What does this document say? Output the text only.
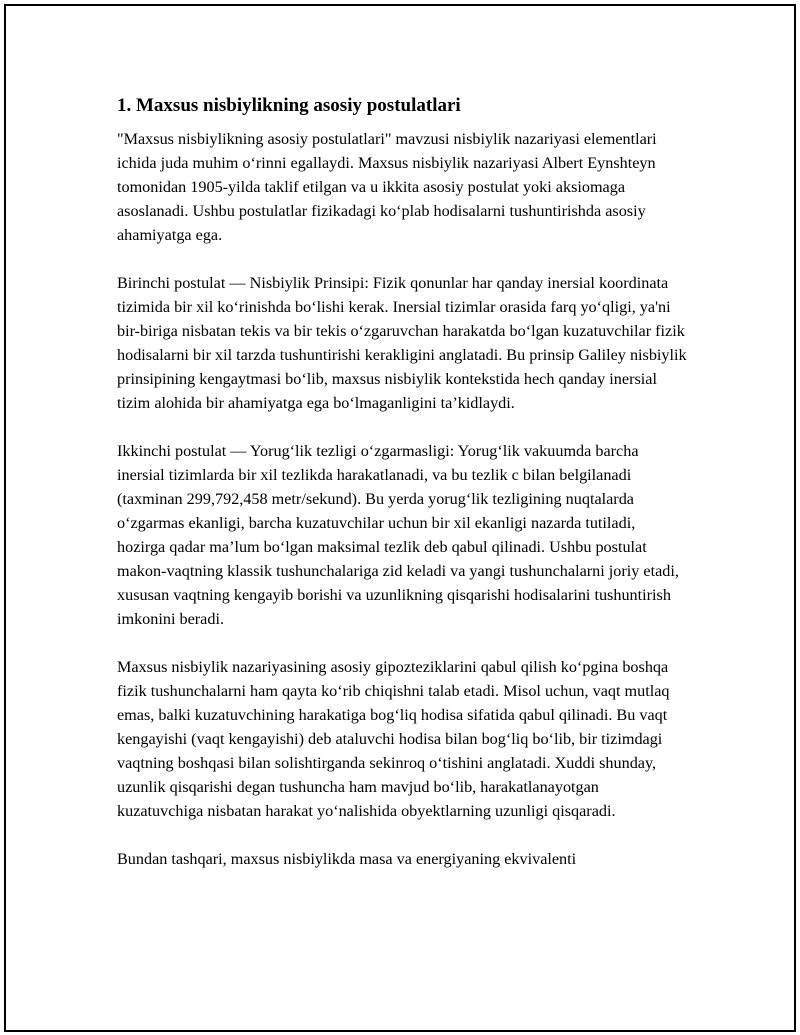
1. Maxsus nisbiylikning asosiy postulatlari

"Maxsus nisbiylikning asosiy postulatlari" mavzusi nisbiylik nazariyasi elementlari ichida juda muhim o‘rinni egallaydi. Maxsus nisbiylik nazariyasi Albert Eynshteyn tomonidan 1905-yilda taklif etilgan va u ikkita asosiy postulat yoki aksiomaga asoslanadi. Ushbu postulatlar fizikadagi ko‘plab hodisalarni tushuntirishda asosiy ahamiyatga ega.

Birinchi postulat — Nisbiylik Prinsipi: Fizik qonunlar har qanday inersial koordinata tizimida bir xil ko‘rinishda bo‘lishi kerak. Inersial tizimlar orasida farq yo‘qligi, ya'ni bir-biriga nisbatan tekis va bir tekis o‘zgaruvchan harakatda bo‘lgan kuzatuvchilar fizik hodisalarni bir xil tarzda tushuntirishi kerakligini anglatadi. Bu prinsip Galiley nisbiylik prinsipining kengaytmasi bo‘lib, maxsus nisbiylik kontekstida hech qanday inersial tizim alohida bir ahamiyatga ega bo‘lmaganligini ta’kidlaydi.

Ikkinchi postulat — Yorug‘lik tezligi o‘zgarmasligi: Yorug‘lik vakuumda barcha inersial tizimlarda bir xil tezlikda harakatlanadi, va bu tezlik c bilan belgilanadi (taxminan 299,792,458 metr/sekund). Bu yerda yorug‘lik tezligining nuqtalarda o‘zgarmas ekanligi, barcha kuzatuvchilar uchun bir xil ekanligi nazarda tutiladi, hozirga qadar ma’lum bo‘lgan maksimal tezlik deb qabul qilinadi. Ushbu postulat makon-vaqtning klassik tushunchalariga zid keladi va yangi tushunchalarni joriy etadi, xususan vaqtning kengayib borishi va uzunlikning qisqarishi hodisalarini tushuntirish imkonini beradi.

Maxsus nisbiylik nazariyasining asosiy gipozteziklarini qabul qilish ko‘pgina boshqa fizik tushunchalarni ham qayta ko‘rib chiqishni talab etadi. Misol uchun, vaqt mutlaq emas, balki kuzatuvchining harakatiga bog‘liq hodisa sifatida qabul qilinadi. Bu vaqt kengayishi (vaqt kengayishi) deb ataluvchi hodisa bilan bog‘liq bo‘lib, bir tizimdagi vaqtning boshqasi bilan solishtirganda sekinroq o‘tishini anglatadi. Xuddi shunday, uzunlik qisqarishi degan tushuncha ham mavjud bo‘lib, harakatlanayotgan kuzatuvchiga nisbatan harakat yo‘nalishida obyektlarning uzunligi qisqaradi.

Bundan tashqari, maxsus nisbiylikda masa va energiyaning ekvivalenti
